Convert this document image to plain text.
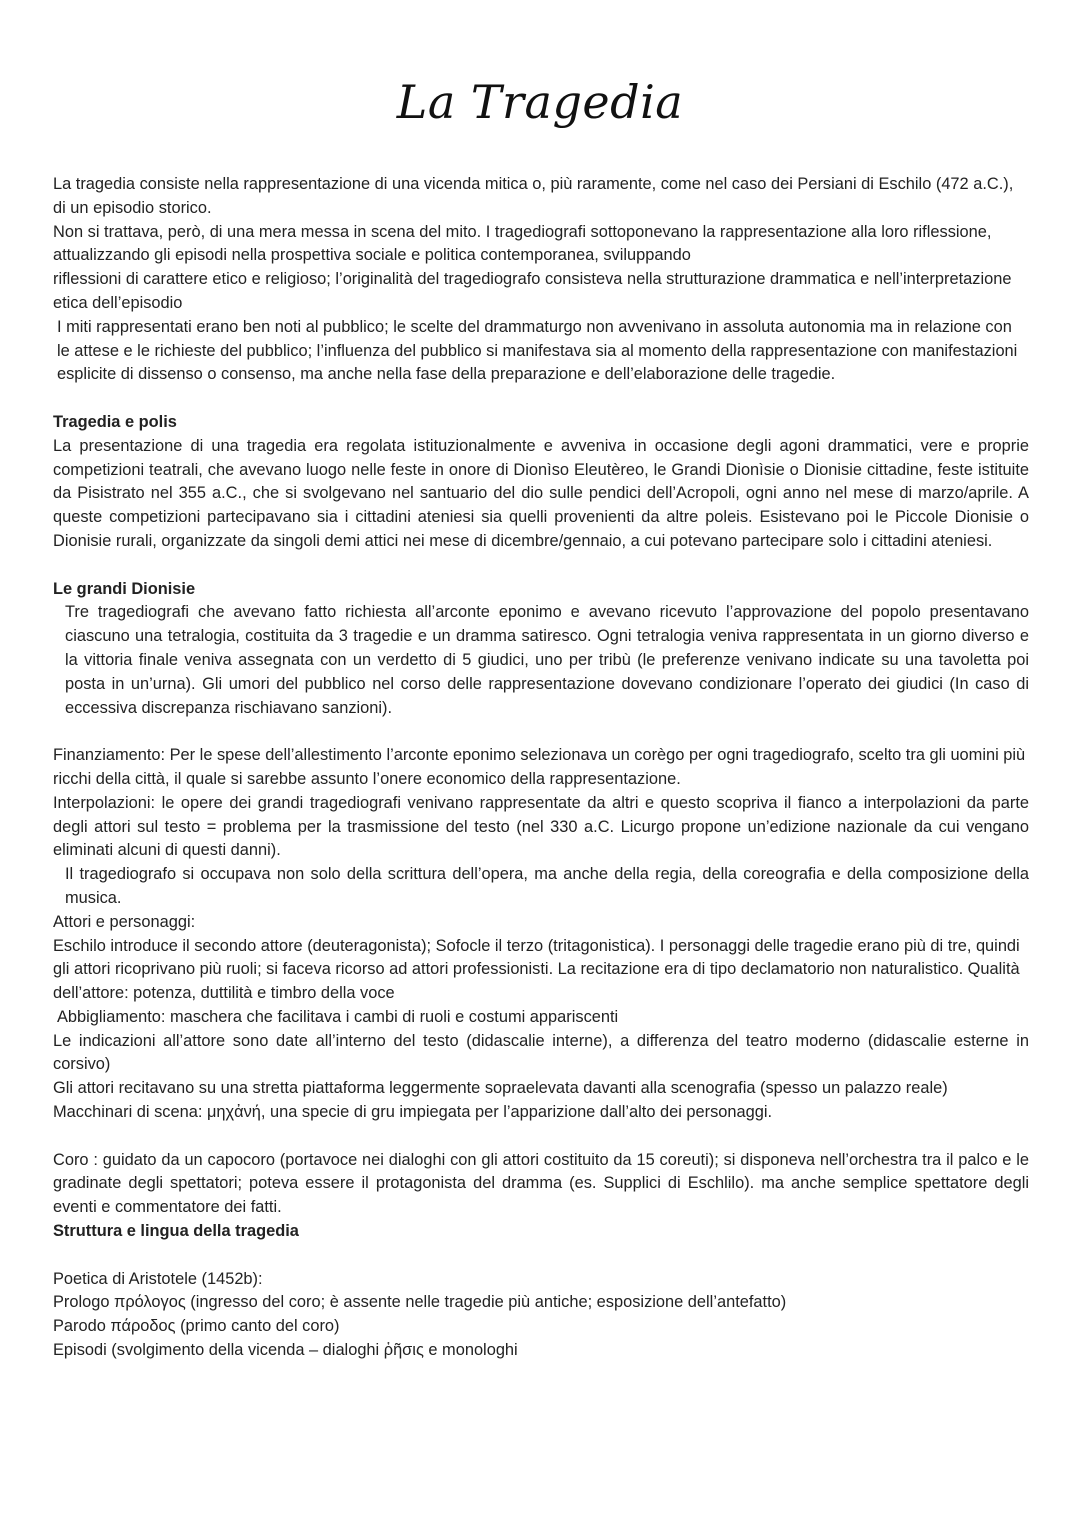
La Tragedia

La tragedia consiste nella rappresentazione di una vicenda mitica o, più raramente, come nel caso dei Persiani di Eschilo (472 a.C.), di un episodio storico.

Non si trattava, però, di una mera messa in scena del mito. I tragediografi sottoponevano la rappresentazione alla loro riflessione, attualizzando gli episodi nella prospettiva sociale e politica contemporanea, sviluppando

riflessioni di carattere etico e religioso; l’originalità del tragediografo consisteva nella strutturazione drammatica e nell’interpretazione etica dell’episodio

I miti rappresentati erano ben noti al pubblico; le scelte del drammaturgo non avvenivano in assoluta autonomia ma in relazione con le attese e le richieste del pubblico; l’influenza del pubblico si manifestava sia al momento della rappresentazione con manifestazioni esplicite di dissenso o consenso, ma anche nella fase della preparazione e dell’elaborazione delle tragedie.

Tragedia e polis

La presentazione di una tragedia era regolata istituzionalmente e avveniva in occasione degli agoni drammatici, vere e proprie competizioni teatrali, che avevano luogo nelle feste in onore di Dionìso Eleutèreo, le Grandi Dionìsie o Dionisie cittadine, feste istituite da Pisistrato nel 355 a.C., che si svolgevano nel santuario del dio sulle pendici dell’Acropoli, ogni anno nel mese di marzo/aprile. A queste competizioni partecipavano sia i cittadini ateniesi sia quelli provenienti da altre poleis. Esistevano poi le Piccole Dionisie o Dionisie rurali, organizzate da singoli demi attici nei mese di dicembre/gennaio, a cui potevano partecipare solo i cittadini ateniesi.

Le grandi Dionisie

Tre tragediografi che avevano fatto richiesta all’arconte eponimo e avevano ricevuto l’approvazione del popolo presentavano ciascuno una tetralogia, costituita da 3 tragedie e un dramma satiresco. Ogni tetralogia veniva rappresentata in un giorno diverso e la vittoria finale veniva assegnata con un verdetto di 5 giudici, uno per tribù (le preferenze venivano indicate su una tavoletta poi posta in un’urna). Gli umori del pubblico nel corso delle rappresentazione dovevano condizionare l’operato dei giudici (In caso di eccessiva discrepanza rischiavano sanzioni).

Finanziamento: Per le spese dell’allestimento l’arconte eponimo selezionava un corègo per ogni tragediografo, scelto tra gli uomini più ricchi della città, il quale si sarebbe assunto l’onere economico della rappresentazione.

Interpolazioni: le opere dei grandi tragediografi venivano rappresentate da altri e questo scopriva il fianco a interpolazioni da parte degli attori sul testo = problema per la trasmissione del testo (nel 330 a.C. Licurgo propone un’edizione nazionale da cui vengano eliminati alcuni di questi danni).

Il tragediografo si occupava non solo della scrittura dell’opera, ma anche della regia, della coreografia e della composizione della musica.

Attori e personaggi:

Eschilo introduce il secondo attore (deuteragonista); Sofocle il terzo (tritagonistica). I personaggi delle tragedie erano più di tre, quindi gli attori ricoprivano più ruoli; si faceva ricorso ad attori professionisti. La recitazione era di tipo declamatorio non naturalistico. Qualità dell’attore: potenza, duttilità e timbro della voce

Abbigliamento: maschera che facilitava i cambi di ruoli e costumi appariscenti

Le indicazioni all’attore sono date all’interno del testo (didascalie interne), a differenza del teatro moderno (didascalie esterne in corsivo)

Gli attori recitavano su una stretta piattaforma leggermente sopraelevata davanti alla scenografia (spesso un palazzo reale)

Macchinari di scena: μηχἀνή, una specie di gru impiegata per l’apparizione dall’alto dei personaggi.

Coro : guidato da un capocoro (portavoce nei dialoghi con gli attori costituito da 15 coreuti); si disponeva nell’orchestra tra il palco e le gradinate degli spettatori; poteva essere il protagonista del dramma (es. Supplici di Eschlilo). ma anche semplice spettatore degli eventi e commentatore dei fatti.

Struttura e lingua della tragedia

Poetica di Aristotele (1452b):

Prologo πρόλογος (ingresso del coro; è assente nelle tragedie più antiche; esposizione dell’antefatto)

Parodo πάροδος (primo canto del coro)

Episodi (svolgimento della vicenda – dialoghi ῥῆσις e monologhi
